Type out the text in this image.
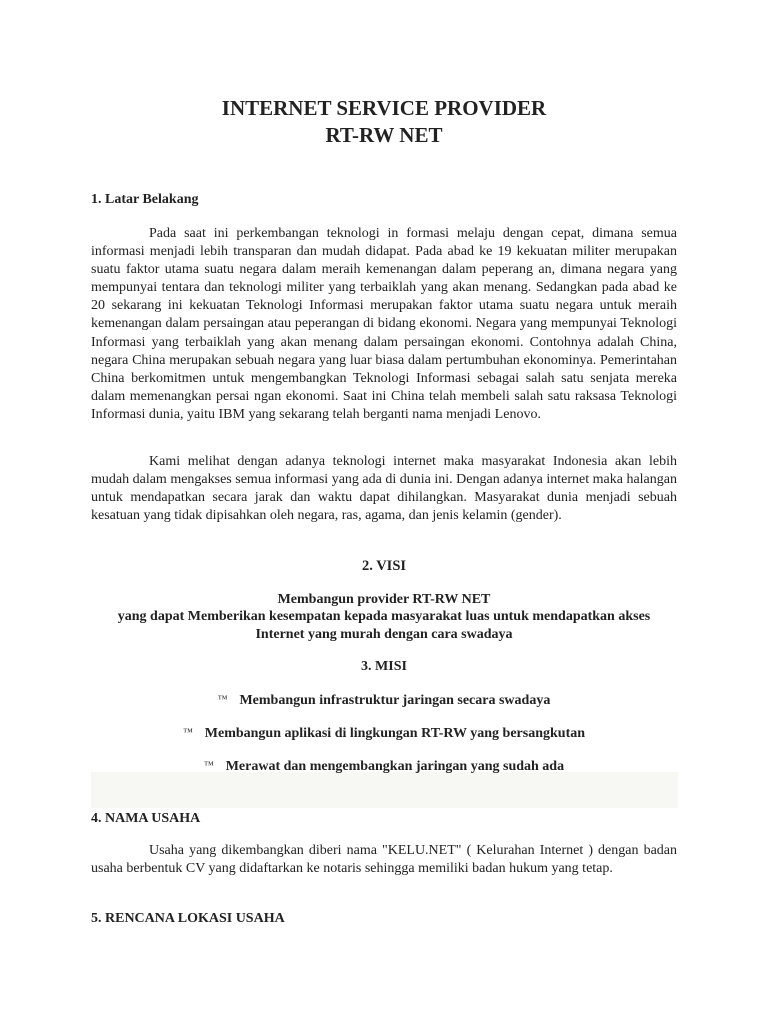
INTERNET SERVICE PROVIDER
RT-RW NET
1. Latar Belakang

Pada saat ini perkembangan teknologi in formasi melaju dengan cepat, dimana semua informasi menjadi lebih transparan dan mudah didapat. Pada abad ke 19 kekuatan militer merupakan suatu faktor utama suatu negara dalam meraih kemenangan dalam peperang an, dimana negara yang mempunyai tentara dan teknologi militer yang terbaiklah yang akan menang. Sedangkan pada abad ke 20 sekarang ini kekuatan Teknologi Informasi merupakan faktor utama suatu negara untuk meraih kemenangan dalam persaingan atau peperangan di bidang ekonomi. Negara yang mempunyai Teknologi Informasi yang terbaiklah yang akan menang dalam persaingan ekonomi. Contohnya adalah China, negara China merupakan sebuah negara yang luar biasa dalam pertumbuhan ekonominya. Pemerintahan China berkomitmen untuk mengembangkan Teknologi Informasi sebagai salah satu senjata mereka dalam memenangkan persai ngan ekonomi. Saat ini China telah membeli salah satu raksasa Teknologi Informasi dunia, yaitu IBM yang sekarang telah berganti nama menjadi Lenovo.

Kami melihat dengan adanya teknologi internet maka masyarakat Indonesia akan lebih mudah dalam mengakses semua informasi yang ada di dunia ini. Dengan adanya internet maka halangan untuk mendapatkan secara jarak dan waktu dapat dihilangkan. Masyarakat dunia menjadi sebuah kesatuan yang tidak dipisahkan oleh negara, ras, agama, dan jenis kelamin (gender).

2. VISI
Membangun provider RT-RW NET
yang dapat Memberikan kesempatan kepada masyarakat luas untuk mendapatkan akses
Internet yang murah dengan cara swadaya
3. MISI
™ Membangun infrastruktur jaringan secara swadaya
™ Membangun aplikasi di lingkungan RT-RW yang bersangkutan
™ Merawat dan mengembangkan jaringan yang sudah ada
4. NAMA USAHA

Usaha yang dikembangkan diberi nama "KELU.NET" ( Kelurahan Internet ) dengan badan usaha berbentuk CV yang didaftarkan ke notaris sehingga memiliki badan hukum yang tetap.

5. RENCANA LOKASI USAHA
